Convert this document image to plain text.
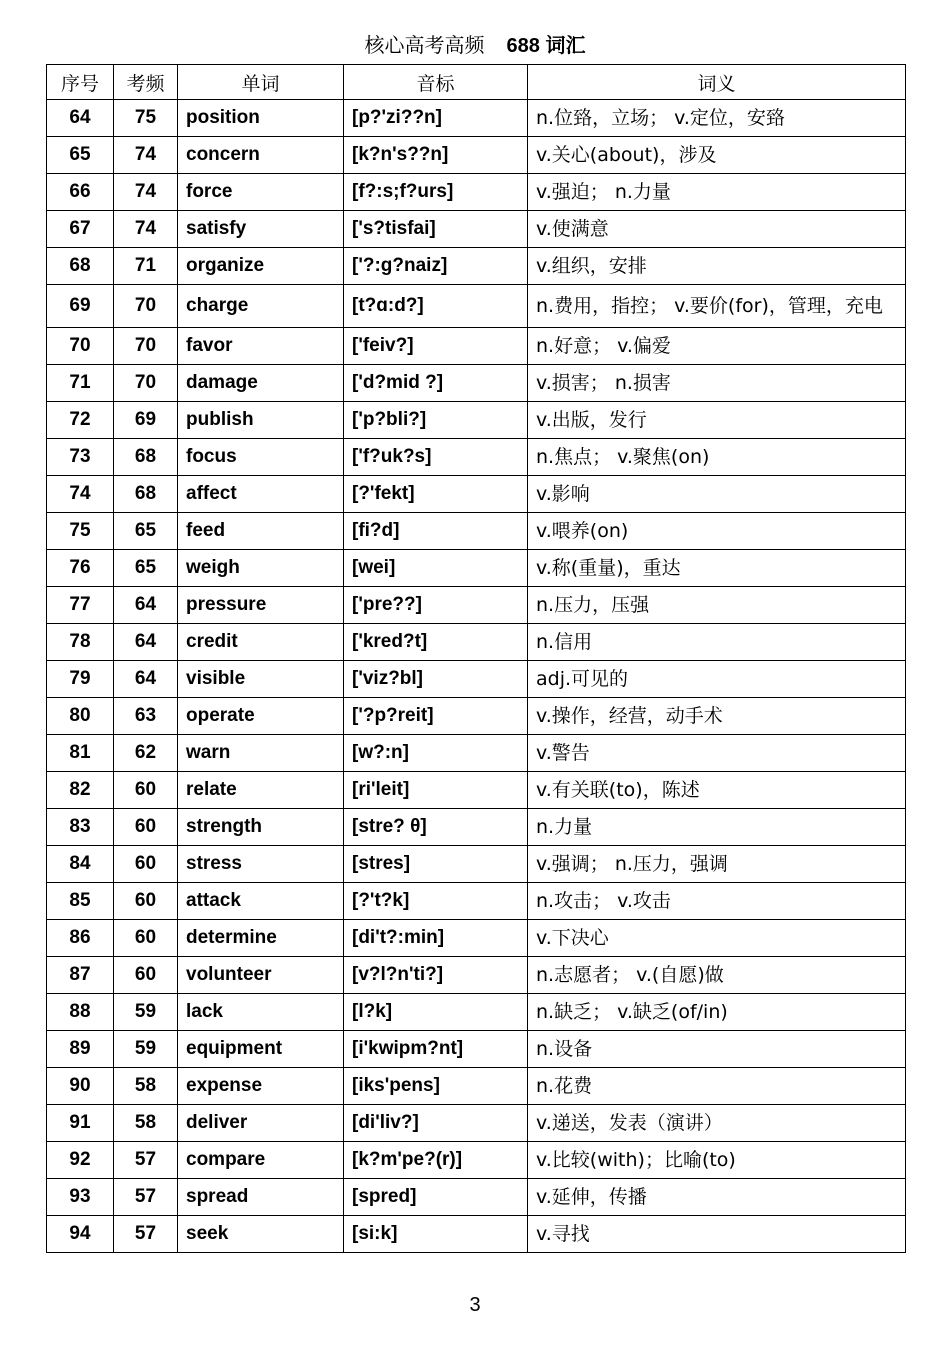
核心高考高频 688 词汇
序号	考频	单词	音标	词义
64	75	position	[p?'zi??n]	n.位臵，立场； v.定位，安臵
65	74	concern	[k?n's??n]	v.关心(about)，涉及
66	74	force	[f?:s;f?urs]	v.强迫； n.力量
67	74	satisfy	['s?tisfai]	v.使满意
68	71	organize	['?:g?naiz]	v.组织，安排
69	70	charge	[t?ɑ:d?]	n.费用，指控； v.要价(for)，管理，充电
70	70	favor	['feiv?]	n.好意； v.偏爱
71	70	damage	['d?mid ?]	v.损害； n.损害
72	69	publish	['p?bli?]	v.出版，发行
73	68	focus	['f?uk?s]	n.焦点； v.聚焦(on)
74	68	affect	[?'fekt]	v.影响
75	65	feed	[fi?d]	v.喂养(on)
76	65	weigh	[wei]	v.称(重量)，重达
77	64	pressure	['pre??]	n.压力，压强
78	64	credit	['kred?t]	n.信用
79	64	visible	['viz?bl]	adj.可见的
80	63	operate	['?p?reit]	v.操作，经营，动手术
81	62	warn	[w?:n]	v.警告
82	60	relate	[ri'leit]	v.有关联(to)，陈述
83	60	strength	[stre? θ]	n.力量
84	60	stress	[stres]	v.强调； n.压力，强调
85	60	attack	[?'t?k]	n.攻击； v.攻击
86	60	determine	[di't?:min]	v.下决心
87	60	volunteer	[v?l?n'ti?]	n.志愿者； v.(自愿)做
88	59	lack	[l?k]	n.缺乏； v.缺乏(of/in)
89	59	equipment	[i'kwipm?nt]	n.设备
90	58	expense	[iks'pens]	n.花费
91	58	deliver	[di'liv?]	v.递送，发表（演讲）
92	57	compare	[k?m'pe?(r)]	v.比较(with)；比喻(to)
93	57	spread	[spred]	v.延伸，传播
94	57	seek	[si:k]	v.寻找
3
